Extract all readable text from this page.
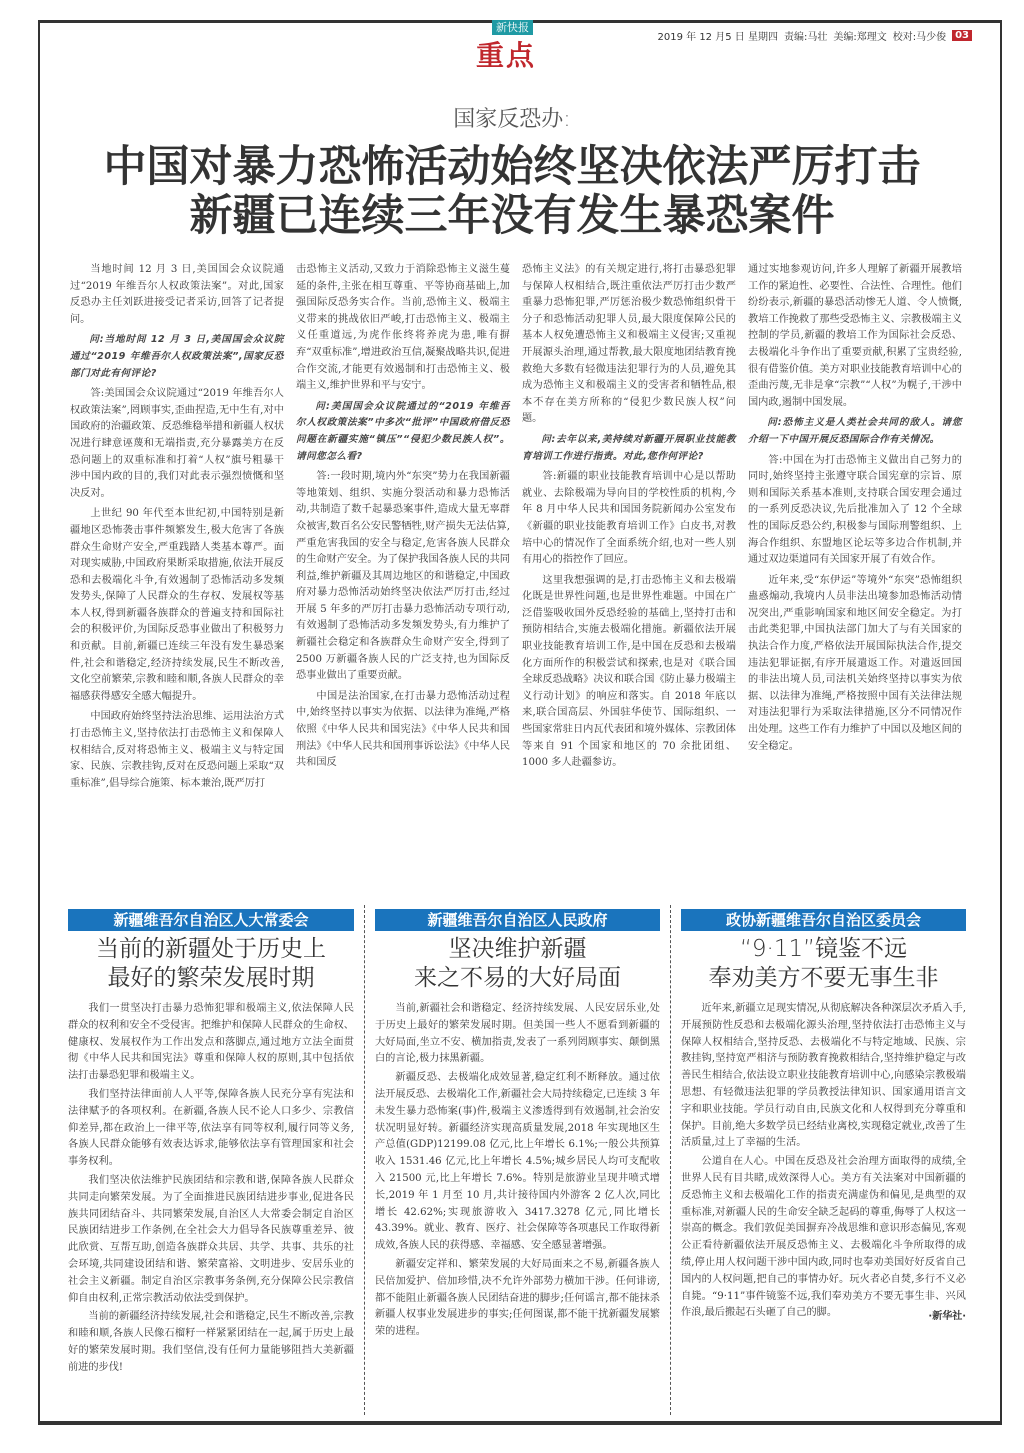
新快报
重点
2019 年 12 月5 日 星期四 责编:马壮 美编:郑理文 校对:马少俊 03
国家反恐办:
中国对暴力恐怖活动始终坚决依法严厉打击
新疆已连续三年没有发生暴恐案件

当地时间 12 月 3 日,美国国会众议院通过“2019 年维吾尔人权政策法案”。对此,国家反恐办主任刘跃进接受记者采访,回答了记者提问。

问:当地时间 12 月 3 日,美国国会众议院通过“2019 年维吾尔人权政策法案”,国家反恐部门对此有何评论?

答:美国国会众议院通过“2019 年维吾尔人权政策法案”,罔顾事实,歪曲捏造,无中生有,对中国政府的治疆政策、反恐维稳举措和新疆人权状况进行肆意诬蔑和无端指责,充分暴露美方在反恐问题上的双重标准和打着“人权”旗号粗暴干涉中国内政的目的,我们对此表示强烈愤慨和坚决反对。

上世纪 90 年代至本世纪初,中国特别是新疆地区恐怖袭击事件频繁发生,极大危害了各族群众生命财产安全,严重践踏人类基本尊严。面对现实威胁,中国政府果断采取措施,依法开展反恐和去极端化斗争,有效遏制了恐怖活动多发频发势头,保障了人民群众的生存权、发展权等基本人权,得到新疆各族群众的普遍支持和国际社会的积极评价,为国际反恐事业做出了积极努力和贡献。目前,新疆已连续三年没有发生暴恐案件,社会和谐稳定,经济持续发展,民生不断改善,文化空前繁荣,宗教和睦和顺,各族人民群众的幸福感获得感安全感大幅提升。

中国政府始终坚持法治思维、运用法治方式打击恐怖主义,坚持依法打击恐怖主义和保障人权相结合,反对将恐怖主义、极端主义与特定国家、民族、宗教挂钩,反对在反恐问题上采取“双重标准”,倡导综合施策、标本兼治,既严厉打

击恐怖主义活动,又致力于消除恐怖主义滋生蔓延的条件,主张在相互尊重、平等协商基础上,加强国际反恐务实合作。当前,恐怖主义、极端主义带来的挑战依旧严峻,打击恐怖主义、极端主义任重道远,为虎作伥终将养虎为患,唯有摒弃“双重标准”,增进政治互信,凝聚战略共识,促进合作交流,才能更有效遏制和打击恐怖主义、极端主义,维护世界和平与安宁。

问:美国国会众议院通过的“2019 年维吾尔人权政策法案”中多次“批评”中国政府借反恐问题在新疆实施“镇压”“侵犯少数民族人权”。请问您怎么看?

答:一段时期,境内外“东突”势力在我国新疆等地策划、组织、实施分裂活动和暴力恐怖活动,共制造了数千起暴恐案事件,造成大量无辜群众被害,数百名公安民警牺牲,财产损失无法估算,严重危害我国的安全与稳定,危害各族人民群众的生命财产安全。为了保护我国各族人民的共同利益,维护新疆及其周边地区的和谐稳定,中国政府对暴力恐怖活动始终坚决依法严厉打击,经过开展 5 年多的严厉打击暴力恐怖活动专项行动,有效遏制了恐怖活动多发频发势头,有力维护了新疆社会稳定和各族群众生命财产安全,得到了 2500 万新疆各族人民的广泛支持,也为国际反恐事业做出了重要贡献。

中国是法治国家,在打击暴力恐怖活动过程中,始终坚持以事实为依据、以法律为准绳,严格依照《中华人民共和国宪法》《中华人民共和国刑法》《中华人民共和国刑事诉讼法》《中华人民共和国反

恐怖主义法》的有关规定进行,将打击暴恐犯罪与保障人权相结合,既注重依法严厉打击少数严重暴力恐怖犯罪,严厉惩治极少数恐怖组织骨干分子和恐怖活动犯罪人员,最大限度保障公民的基本人权免遭恐怖主义和极端主义侵害;又重视开展源头治理,通过帮教,最大限度地团结教育挽救绝大多数有轻微违法犯罪行为的人员,避免其成为恐怖主义和极端主义的受害者和牺牲品,根本不存在美方所称的“侵犯少数民族人权”问题。

问:去年以来,美持续对新疆开展职业技能教育培训工作进行指责。对此,您作何评论?

答:新疆的职业技能教育培训中心是以帮助就业、去除极端为导向目的学校性质的机构,今年 8 月中华人民共和国国务院新闻办公室发布《新疆的职业技能教育培训工作》白皮书,对教培中心的情况作了全面系统介绍,也对一些人别有用心的指控作了回应。

这里我想强调的是,打击恐怖主义和去极端化既是世界性问题,也是世界性难题。中国在广泛借鉴吸收国外反恐经验的基础上,坚持打击和预防相结合,实施去极端化措施。新疆依法开展职业技能教育培训工作,是中国在反恐和去极端化方面所作的积极尝试和探索,也是对《联合国全球反恐战略》决议和联合国《防止暴力极端主义行动计划》的响应和落实。自 2018 年底以来,联合国高层、外国驻华使节、国际组织、一些国家常驻日内瓦代表团和境外媒体、宗教团体等来自 91 个国家和地区的 70 余批团组、1000 多人赴疆参访。

通过实地参观访问,许多人理解了新疆开展教培工作的紧迫性、必要性、合法性、合理性。他们纷纷表示,新疆的暴恐活动惨无人道、令人愤慨,教培工作挽救了那些受恐怖主义、宗教极端主义控制的学员,新疆的教培工作为国际社会反恐、去极端化斗争作出了重要贡献,积累了宝贵经验,很有借鉴价值。美方对职业技能教育培训中心的歪曲污蔑,无非是拿“宗教”“人权”为幌子,干涉中国内政,遏制中国发展。

问:恐怖主义是人类社会共同的敌人。请您介绍一下中国开展反恐国际合作有关情况。

答:中国在为打击恐怖主义做出自己努力的同时,始终坚持主张遵守联合国宪章的宗旨、原则和国际关系基本准则,支持联合国安理会通过的一系列反恐决议,先后批准加入了 12 个全球性的国际反恐公约,积极参与国际刑警组织、上海合作组织、东盟地区论坛等多边合作机制,并通过双边渠道同有关国家开展了有效合作。

近年来,受“东伊运”等境外“东突”恐怖组织蛊惑煽动,我境内人员非法出境参加恐怖活动情况突出,严重影响国家和地区间安全稳定。为打击此类犯罪,中国执法部门加大了与有关国家的执法合作力度,严格依法开展国际执法合作,提交违法犯罪证据,有序开展遣返工作。对遣返回国的非法出境人员,司法机关始终坚持以事实为依据、以法律为准绳,严格按照中国有关法律法规对违法犯罪行为采取法律措施,区分不同情况作出处理。这些工作有力维护了中国以及地区间的安全稳定。

新疆维吾尔自治区人大常委会
当前的新疆处于历史上
最好的繁荣发展时期

我们一贯坚决打击暴力恐怖犯罪和极端主义,依法保障人民群众的权利和安全不受侵害。把维护和保障人民群众的生命权、健康权、发展权作为工作出发点和落脚点,通过地方立法全面贯彻《中华人民共和国宪法》尊重和保障人权的原则,其中包括依法打击暴恐犯罪和极端主义。

我们坚持法律面前人人平等,保障各族人民充分享有宪法和法律赋予的各项权利。在新疆,各族人民不论人口多少、宗教信仰差异,都在政治上一律平等,依法享有同等权利,履行同等义务,各族人民群众能够有效表达诉求,能够依法享有管理国家和社会事务权利。

我们坚决依法维护民族团结和宗教和谐,保障各族人民群众共同走向繁荣发展。为了全面推进民族团结进步事业,促进各民族共同团结奋斗、共同繁荣发展,自治区人大常委会制定自治区民族团结进步工作条例,在全社会大力倡导各民族尊重差异、彼此欣赏、互帮互助,创造各族群众共居、共学、共事、共乐的社会环境,共同建设团结和谐、繁荣富裕、文明进步、安居乐业的社会主义新疆。制定自治区宗教事务条例,充分保障公民宗教信仰自由权利,正常宗教活动依法受到保护。

当前的新疆经济持续发展,社会和谐稳定,民生不断改善,宗教和睦和顺,各族人民像石榴籽一样紧紧团结在一起,属于历史上最好的繁荣发展时期。我们坚信,没有任何力量能够阻挡大美新疆前进的步伐!

新疆维吾尔自治区人民政府
坚决维护新疆
来之不易的大好局面

当前,新疆社会和谐稳定、经济持续发展、人民安居乐业,处于历史上最好的繁荣发展时期。但美国一些人不愿看到新疆的大好局面,坐立不安、横加指责,发表了一系列罔顾事实、颠倒黑白的言论,极力抹黑新疆。

新疆反恐、去极端化成效显著,稳定红利不断释放。通过依法开展反恐、去极端化工作,新疆社会大局持续稳定,已连续 3 年未发生暴力恐怖案(事)件,极端主义渗透得到有效遏制,社会治安状况明显好转。新疆经济实现高质量发展,2018 年实现地区生产总值(GDP)12199.08 亿元,比上年增长 6.1%;一般公共预算收入 1531.46 亿元,比上年增长 4.5%;城乡居民人均可支配收入 21500 元,比上年增长 7.6%。特别是旅游业呈现井喷式增长,2019 年 1 月至 10 月,共计接待国内外游客 2 亿人次,同比增长 42.62%;实现旅游收入 3417.3278 亿元,同比增长 43.39%。就业、教育、医疗、社会保障等各项惠民工作取得新成效,各族人民的获得感、幸福感、安全感显著增强。

新疆安定祥和、繁荣发展的大好局面来之不易,新疆各族人民倍加爱护、倍加珍惜,决不允许外部势力横加干涉。任何诽谤,都不能阻止新疆各族人民团结奋进的脚步;任何谣言,都不能抹杀新疆人权事业发展进步的事实;任何图谋,都不能干扰新疆发展繁荣的进程。

政协新疆维吾尔自治区委员会
“9·11”镜鉴不远
奉劝美方不要无事生非

近年来,新疆立足现实情况,从彻底解决各种深层次矛盾入手,开展预防性反恐和去极端化源头治理,坚持依法打击恐怖主义与保障人权相结合,坚持反恐、去极端化不与特定地域、民族、宗教挂钩,坚持宽严相济与预防教育挽救相结合,坚持维护稳定与改善民生相结合,依法设立职业技能教育培训中心,向感染宗教极端思想、有轻微违法犯罪的学员教授法律知识、国家通用语言文字和职业技能。学员行动自由,民族文化和人权得到充分尊重和保护。目前,绝大多数学员已经结业离校,实现稳定就业,改善了生活质量,过上了幸福的生活。

公道自在人心。中国在反恐及社会治理方面取得的成绩,全世界人民有目共睹,成效深得人心。美方有关法案对中国新疆的反恐怖主义和去极端化工作的指责充满虚伪和偏见,是典型的双重标准,对新疆人民的生命安全缺乏起码的尊重,侮辱了人权这一崇高的概念。我们敦促美国摒弃冷战思维和意识形态偏见,客观公正看待新疆依法开展反恐怖主义、去极端化斗争所取得的成绩,停止用人权问题干涉中国内政,同时也奉劝美国好好反省自己国内的人权问题,把自己的事情办好。玩火者必自焚,多行不义必自毙。“9·11”事件镜鉴不远,我们奉劝美方不要无事生非、兴风作浪,最后搬起石头砸了自己的脚。	·新华社·
